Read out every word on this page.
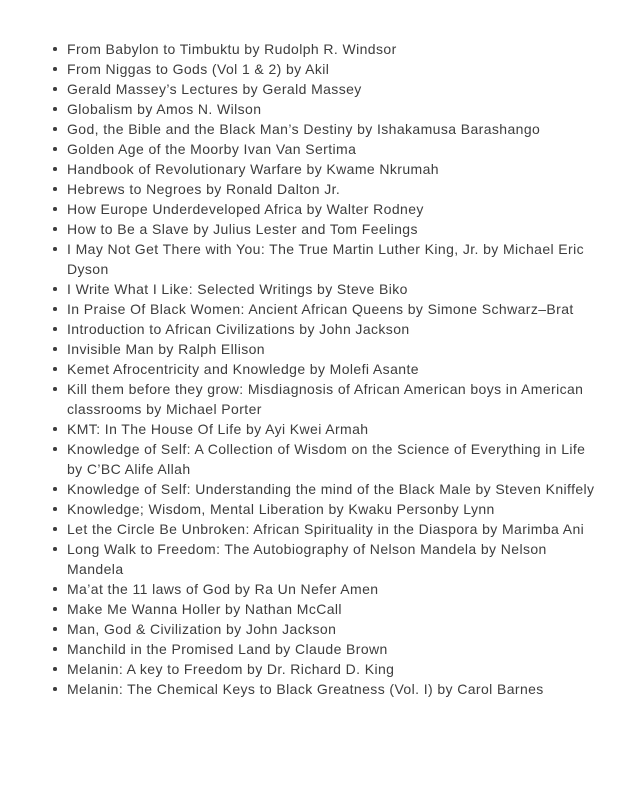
From Babylon to Timbuktu by Rudolph R. Windsor
From Niggas to Gods (Vol 1 & 2) by Akil
Gerald Massey’s Lectures by Gerald Massey
Globalism by Amos N. Wilson
God, the Bible and the Black Man’s Destiny by Ishakamusa Barashango
Golden Age of the Moorby Ivan Van Sertima
Handbook of Revolutionary Warfare by Kwame Nkrumah
Hebrews to Negroes by Ronald Dalton Jr.
How Europe Underdeveloped Africa by Walter Rodney
How to Be a Slave by Julius Lester and Tom Feelings
I May Not Get There with You: The True Martin Luther King, Jr. by Michael Eric Dyson
I Write What I Like: Selected Writings by Steve Biko
In Praise Of Black Women: Ancient African Queens by Simone Schwarz–Brat
Introduction to African Civilizations by John Jackson
Invisible Man by Ralph Ellison
Kemet Afrocentricity and Knowledge by Molefi Asante
Kill them before they grow: Misdiagnosis of African American boys in American classrooms by Michael Porter
KMT: In The House Of Life by Ayi Kwei Armah
Knowledge of Self: A Collection of Wisdom on the Science of Everything in Life by C’BC Alife Allah
Knowledge of Self: Understanding the mind of the Black Male by Steven Kniffely
Knowledge; Wisdom, Mental Liberation by Kwaku Personby Lynn
Let the Circle Be Unbroken: African Spirituality in the Diaspora by Marimba Ani
Long Walk to Freedom: The Autobiography of Nelson Mandela by Nelson Mandela
Ma’at the 11 laws of God by Ra Un Nefer Amen
Make Me Wanna Holler by Nathan McCall
Man, God & Civilization by John Jackson
Manchild in the Promised Land by Claude Brown
Melanin: A key to Freedom by Dr. Richard D. King
Melanin: The Chemical Keys to Black Greatness (Vol. I) by Carol Barnes
